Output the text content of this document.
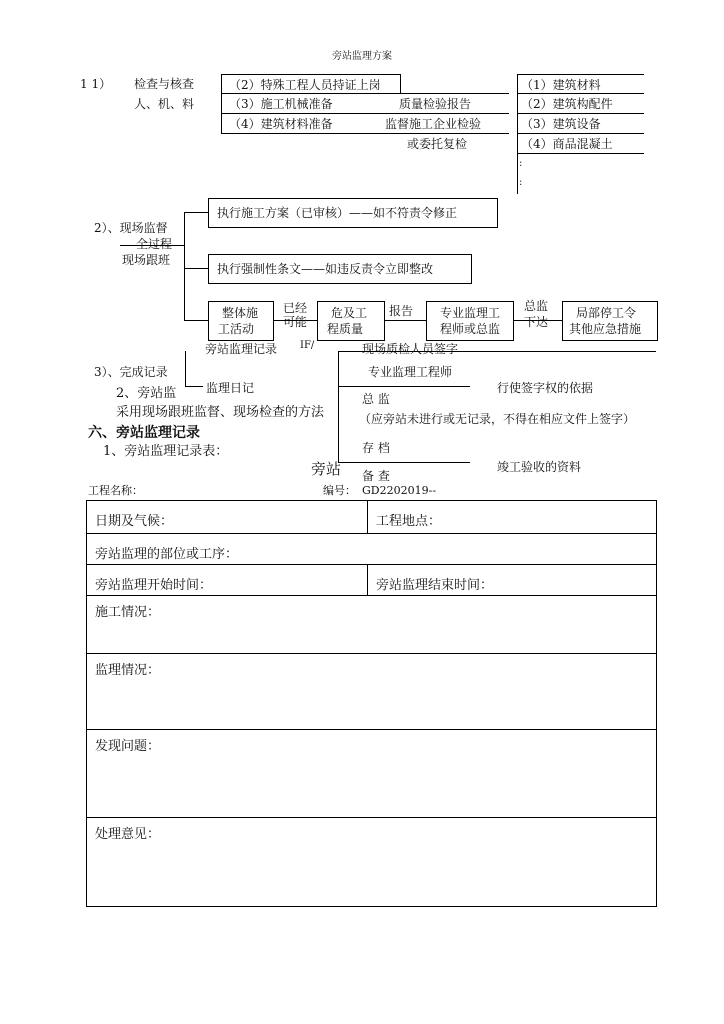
旁站监理方案
1 1） 检查与核查
人、机、料
（2）特殊工程人员持证上岗
（3）施工机械准备
（4）建筑材料准备
质量检验报告
监督施工企业检验
或委托复检
（1）建筑材料
（2）建筑构配件
（3）建筑设备
（4）商品混凝土
:
:
2）、现场监督
全过程
现场跟班
执行施工方案（已审核）——如不符责令修正
执行强制性条文——如违反责令立即整改
整体施
工活动
已经
可能
危及工
程质量
报告 专业监理工
程师或总监
总监
下达
局部停工令
其他应急措施
旁站监理记录 IF/	现场质检人员签字
3）、完成记录
2、旁站监 监理日记
采用现场跟班监督、现场检查的方法
专业监理工程师
行使签字权的依据
总 监
（应旁站未进行或无记录，不得在相应文件上签字）
存 档
备 查
竣工验收的资料
六、旁站监理记录
1、旁站监理记录表：
旁站
工程名称：	编号： GD2202019--
日期及气候：	工程地点：
旁站监理的部位或工序：
旁站监理开始时间：	旁站监理结束时间：
施工情况：
监理情况：
发现问题：
处理意见：
